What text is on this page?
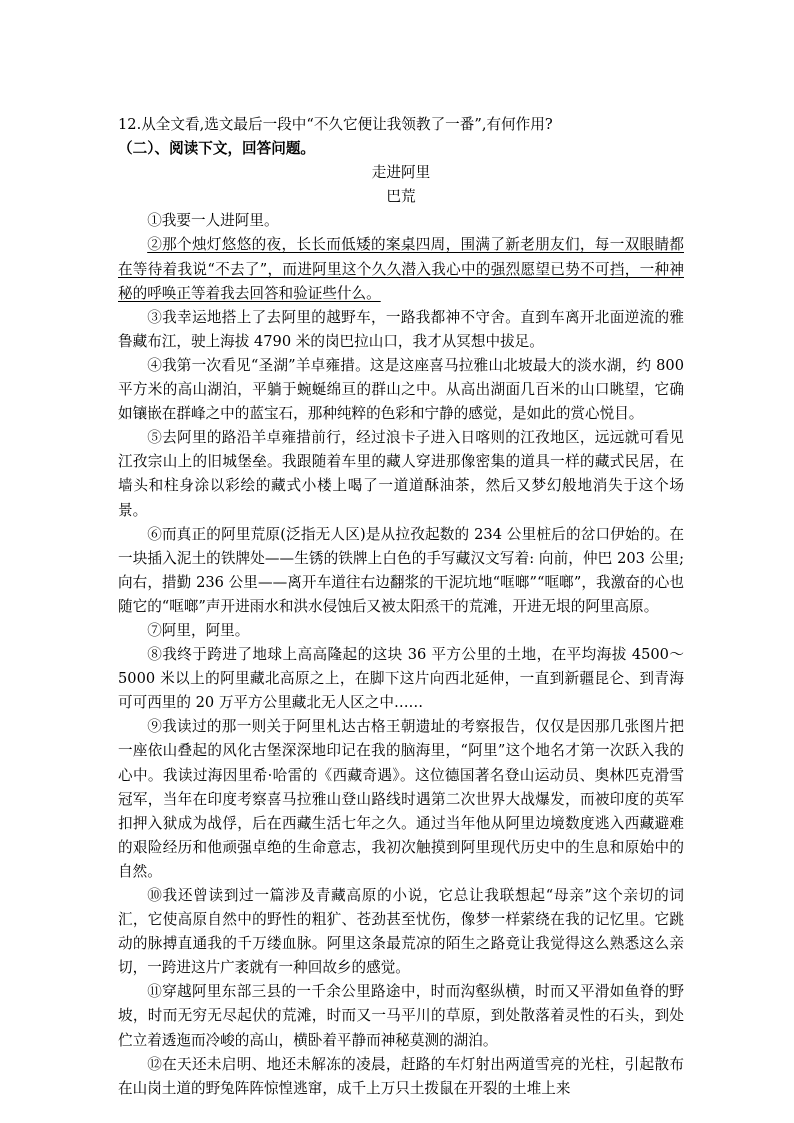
12.从全文看,选文最后一段中“不久它便让我领教了一番”,有何作用?

（二）、阅读下文，回答问题。

走进阿里

巴荒

①我要一人进阿里。

②那个烛灯悠悠的夜，长长而低矮的案桌四周，围满了新老朋友们，每一双眼睛都在等待着我说“不去了”，而进阿里这个久久潜入我心中的强烈愿望已势不可挡，一种神秘的呼唤正等着我去回答和验证些什么。

③我幸运地搭上了去阿里的越野车，一路我都神不守舍。直到车离开北面逆流的雅鲁藏布江，驶上海拔 4790 米的岗巴拉山口，我才从冥想中拔足。

④我第一次看见“圣湖”羊卓雍措。这是这座喜马拉雅山北坡最大的淡水湖，约 800 平方米的高山湖泊，平躺于蜿蜒绵亘的群山之中。从高出湖面几百米的山口眺望，它确如镶嵌在群峰之中的蓝宝石，那种纯粹的色彩和宁静的感觉，是如此的赏心悦目。

⑤去阿里的路沿羊卓雍措前行，经过浪卡子进入日喀则的江孜地区，远远就可看见江孜宗山上的旧城堡垒。我跟随着车里的藏人穿进那像密集的道具一样的藏式民居，在墙头和柱身涂以彩绘的藏式小楼上喝了一道道酥油茶，然后又梦幻般地消失于这个场景。

⑥而真正的阿里荒原(泛指无人区)是从拉孜起数的 234 公里桩后的岔口伊始的。在一块插入泥土的铁牌处——生锈的铁牌上白色的手写藏汉文写着: 向前，仲巴 203 公里; 向右，措勤 236 公里——离开车道往右边翻浆的干泥坑地“哐啷”“哐啷”，我激奋的心也随它的“哐啷”声开进雨水和洪水侵蚀后又被太阳烝干的荒滩，开进无垠的阿里高原。

⑦阿里，阿里。

⑧我终于跨进了地球上高高隆起的这块 36 平方公里的土地，在平均海拔 4500～5000 米以上的阿里藏北高原之上，在脚下这片向西北延伸，一直到新疆昆仑、到青海可可西里的 20 万平方公里藏北无人区之中……

⑨我读过的那一则关于阿里札达古格王朝遗址的考察报告，仅仅是因那几张图片把一座依山叠起的风化古堡深深地印记在我的脑海里，“阿里”这个地名才第一次跃入我的心中。我读过海因里希·哈雷的《西藏奇遇》。这位德国著名登山运动员、奥林匹克滑雪冠军，当年在印度考察喜马拉雅山登山路线时遇第二次世界大战爆发，而被印度的英军扣押入狱成为战俘，后在西藏生活七年之久。通过当年他从阿里边境数度逃入西藏避难的艰险经历和他顽强卓绝的生命意志，我初次触摸到阿里现代历史中的生息和原始中的自然。

⑩我还曾读到过一篇涉及青藏高原的小说，它总让我联想起“母亲”这个亲切的词汇，它使高原自然中的野性的粗犷、苍劲甚至忧伤，像梦一样萦绕在我的记忆里。它跳动的脉搏直通我的千万缕血脉。阿里这条最荒凉的陌生之路竟让我觉得这么熟悉这么亲切，一跨进这片广袤就有一种回故乡的感觉。

⑪穿越阿里东部三县的一千余公里路途中，时而沟壑纵横，时而又平滑如鱼脊的野坡，时而无穷无尽起伏的荒滩，时而又一马平川的草原，到处散落着灵性的石头，到处伫立着透迤而冷峻的高山，横卧着平静而神秘莫测的湖泊。

⑫在天还未启明、地还未解冻的凌晨，赶路的车灯射出两道雪亮的光柱，引起散布在山岗土道的野兔阵阵惊惶逃窜，成千上万只土拨鼠在开裂的土堆上来
